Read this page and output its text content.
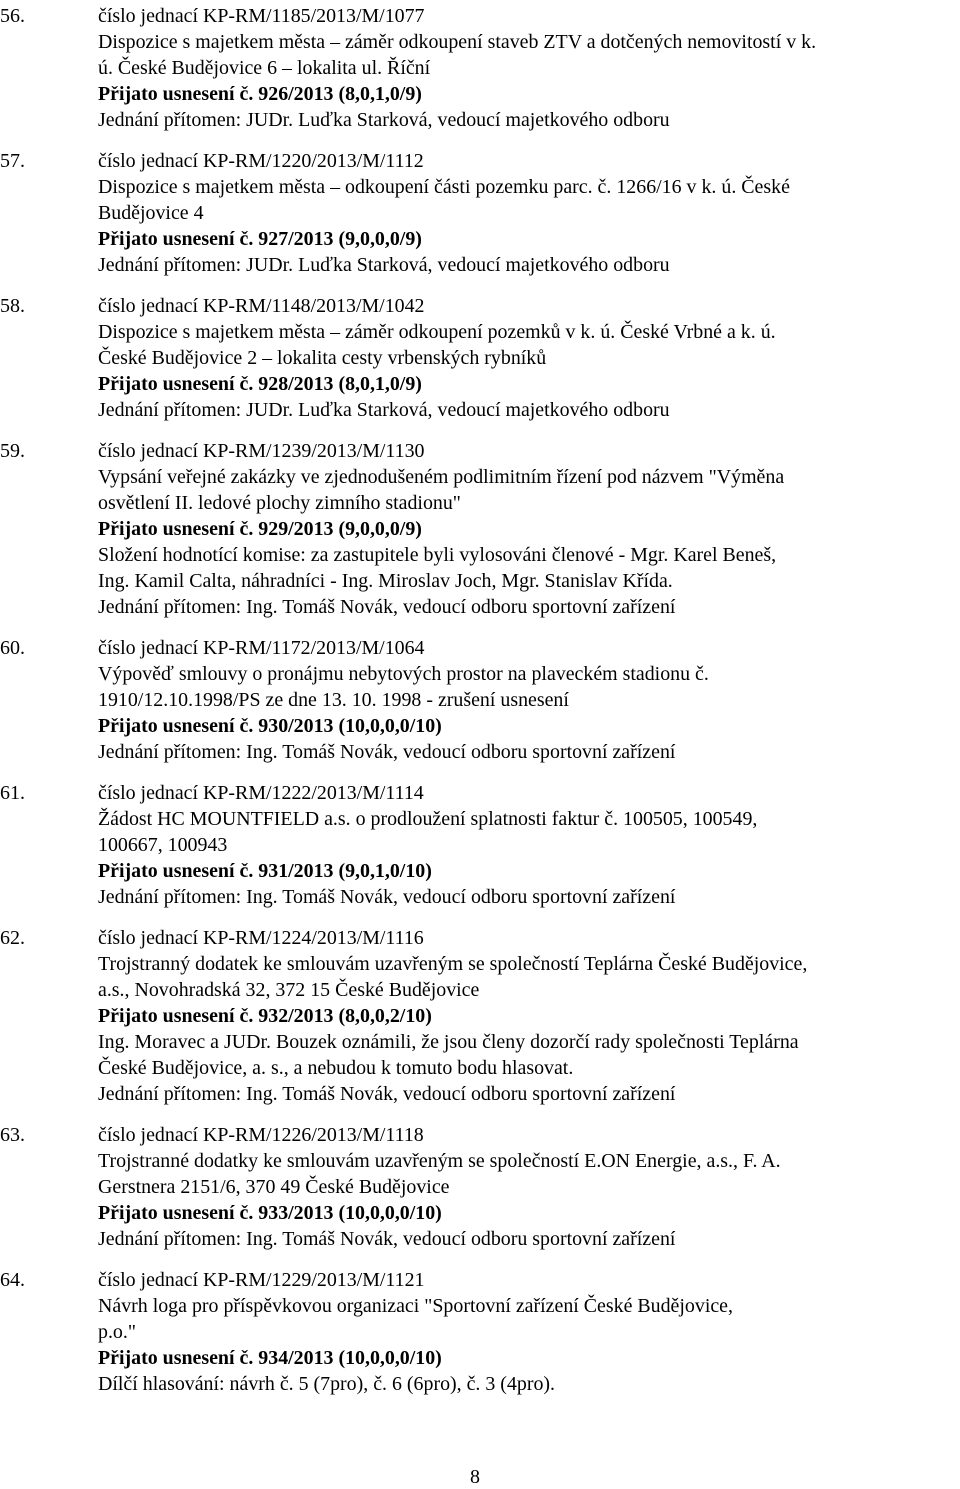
56.	číslo jednací KP-RM/1185/2013/M/1077
Dispozice s majetkem města – záměr odkoupení staveb ZTV a dotčených nemovitostí v k.
ú. České Budějovice 6 – lokalita ul. Říční
Přijato usnesení č. 926/2013 (8,0,1,0/9)
Jednání přítomen: JUDr. Luďka Starková, vedoucí majetkového odboru
57.	číslo jednací KP-RM/1220/2013/M/1112
Dispozice s majetkem města – odkoupení části pozemku parc. č. 1266/16 v k. ú. České
Budějovice 4
Přijato usnesení č. 927/2013 (9,0,0,0/9)
Jednání přítomen: JUDr. Luďka Starková, vedoucí majetkového odboru
58.	číslo jednací KP-RM/1148/2013/M/1042
Dispozice s majetkem města – záměr odkoupení pozemků v k. ú. České Vrbné a k. ú.
České Budějovice 2 – lokalita cesty vrbenských rybníků
Přijato usnesení č. 928/2013 (8,0,1,0/9)
Jednání přítomen: JUDr. Luďka Starková, vedoucí majetkového odboru
59.	číslo jednací KP-RM/1239/2013/M/1130
Vypsání veřejné zakázky ve zjednodušeném podlimitním řízení pod názvem "Výměna
osvětlení II. ledové plochy zimního stadionu"
Přijato usnesení č. 929/2013 (9,0,0,0/9)
Složení hodnotící komise: za zastupitele byli vylosováni členové - Mgr. Karel Beneš,
Ing. Kamil Calta, náhradníci - Ing. Miroslav Joch, Mgr. Stanislav Křída.
Jednání přítomen: Ing. Tomáš Novák, vedoucí odboru sportovní zařízení
60.	číslo jednací KP-RM/1172/2013/M/1064
Výpověď smlouvy o pronájmu nebytových prostor na plaveckém stadionu č.
1910/12.10.1998/PS ze dne 13. 10. 1998 - zrušení usnesení
Přijato usnesení č. 930/2013 (10,0,0,0/10)
Jednání přítomen: Ing. Tomáš Novák, vedoucí odboru sportovní zařízení
61.	číslo jednací KP-RM/1222/2013/M/1114
Žádost HC MOUNTFIELD a.s. o prodloužení splatnosti faktur č. 100505, 100549,
100667, 100943
Přijato usnesení č. 931/2013 (9,0,1,0/10)
Jednání přítomen: Ing. Tomáš Novák, vedoucí odboru sportovní zařízení
62.	číslo jednací KP-RM/1224/2013/M/1116
Trojstranný dodatek ke smlouvám uzavřeným se společností Teplárna České Budějovice,
a.s., Novohradská 32, 372 15 České Budějovice
Přijato usnesení č. 932/2013 (8,0,0,2/10)
Ing. Moravec a JUDr. Bouzek oznámili, že jsou členy dozorčí rady společnosti Teplárna
České Budějovice, a. s., a nebudou k tomuto bodu hlasovat.
Jednání přítomen: Ing. Tomáš Novák, vedoucí odboru sportovní zařízení
63.	číslo jednací KP-RM/1226/2013/M/1118
Trojstranné dodatky ke smlouvám uzavřeným se společností E.ON Energie, a.s., F. A.
Gerstnera 2151/6, 370 49 České Budějovice
Přijato usnesení č. 933/2013 (10,0,0,0/10)
Jednání přítomen: Ing. Tomáš Novák, vedoucí odboru sportovní zařízení
64.	číslo jednací KP-RM/1229/2013/M/1121
Návrh loga pro příspěvkovou organizaci "Sportovní zařízení České Budějovice,
p.o."
Přijato usnesení č. 934/2013 (10,0,0,0/10)
Dílčí hlasování: návrh č. 5 (7pro), č. 6 (6pro), č. 3 (4pro).
8
